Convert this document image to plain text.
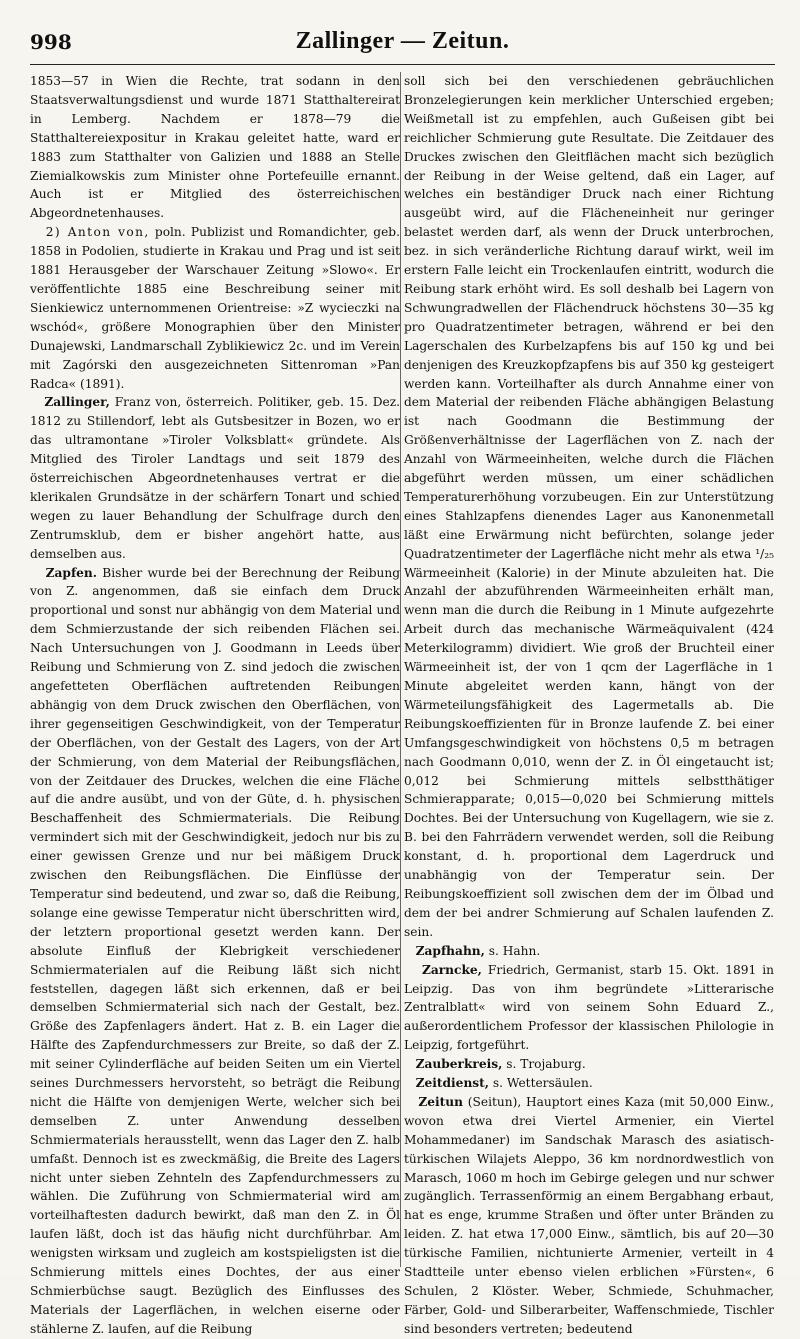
998	Zallinger — Zeitun.

1853—57 in Wien die Rechte, trat sodann in den Staatsverwaltungsdienst und wurde 1871 Statthaltereirat in Lemberg. Nachdem er 1878—79 die Statthaltereiexpositur in Krakau geleitet hatte, ward er 1883 zum Statthalter von Galizien und 1888 an Stelle Ziemialkowskis zum Minister ohne Portefeuille ernannt. Auch ist er Mitglied des österreichischen Abgeordnetenhauses.

2) Anton von, poln. Publizist und Romandichter, geb. 1858 in Podolien, studierte in Krakau und Prag und ist seit 1881 Herausgeber der Warschauer Zeitung »Slowo«. Er veröffentlichte 1885 eine Beschreibung seiner mit Sienkiewicz unternommenen Orientreise: »Z wycieczki na wschód«, größere Monographien über den Minister Dunajewski, Landmarschall Zyblikiewicz 2c. und im Verein mit Zagórski den ausgezeichneten Sittenroman »Pan Radca« (1891).

Zallinger, Franz von, österreich. Politiker, geb. 15. Dez. 1812 zu Stillendorf, lebt als Gutsbesitzer in Bozen, wo er das ultramontane »Tiroler Volksblatt« gründete. Als Mitglied des Tiroler Landtags und seit 1879 des österreichischen Abgeordnetenhauses vertrat er die klerikalen Grundsätze in der schärfern Tonart und schied wegen zu lauer Behandlung der Schulfrage durch den Zentrumsklub, dem er bisher angehört hatte, aus demselben aus.

Zapfen. Bisher wurde bei der Berechnung der Reibung von Z. angenommen, daß sie einfach dem Druck proportional und sonst nur abhängig von dem Material und dem Schmierzustande der sich reibenden Flächen sei. Nach Untersuchungen von J. Goodmann in Leeds über Reibung und Schmierung von Z. sind jedoch die zwischen angefetteten Oberflächen auftretenden Reibungen abhängig von dem Druck zwischen den Oberflächen, von ihrer gegenseitigen Geschwindigkeit, von der Temperatur der Oberflächen, von der Gestalt des Lagers, von der Art der Schmierung, von dem Material der Reibungsflächen, von der Zeitdauer des Druckes, welchen die eine Fläche auf die andre ausübt, und von der Güte, d. h. physischen Beschaffenheit des Schmiermaterials. Die Reibung vermindert sich mit der Geschwindigkeit, jedoch nur bis zu einer gewissen Grenze und nur bei mäßigem Druck zwischen den Reibungsflächen. Die Einflüsse der Temperatur sind bedeutend, und zwar so, daß die Reibung, solange eine gewisse Temperatur nicht überschritten wird, der letztern proportional gesetzt werden kann. Der absolute Einfluß der Klebrigkeit verschiedener Schmiermaterialen auf die Reibung läßt sich nicht feststellen, dagegen läßt sich erkennen, daß er bei demselben Schmiermaterial sich nach der Gestalt, bez. Größe des Zapfenlagers ändert. Hat z. B. ein Lager die Hälfte des Zapfendurchmessers zur Breite, so daß der Z. mit seiner Cylinderfläche auf beiden Seiten um ein Viertel seines Durchmessers hervorsteht, so beträgt die Reibung nicht die Hälfte von demjenigen Werte, welcher sich bei demselben Z. unter Anwendung desselben Schmiermaterials herausstellt, wenn das Lager den Z. halb umfaßt. Dennoch ist es zweckmäßig, die Breite des Lagers nicht unter sieben Zehnteln des Zapfendurchmessers zu wählen. Die Zuführung von Schmiermaterial wird am vorteilhaftesten dadurch bewirkt, daß man den Z. in Öl laufen läßt, doch ist das häufig nicht durchführbar. Am wenigsten wirksam und zugleich am kostspieligsten ist die Schmierung mittels eines Dochtes, der aus einer Schmierbüchse saugt. Bezüglich des Einflusses des Materials der Lagerflächen, in welchen eiserne oder stählerne Z. laufen, auf die Reibung

soll sich bei den verschiedenen gebräuchlichen Bronzelegierungen kein merklicher Unterschied ergeben; Weißmetall ist zu empfehlen, auch Gußeisen gibt bei reichlicher Schmierung gute Resultate. Die Zeitdauer des Druckes zwischen den Gleitflächen macht sich bezüglich der Reibung in der Weise geltend, daß ein Lager, auf welches ein beständiger Druck nach einer Richtung ausgeübt wird, auf die Flächeneinheit nur geringer belastet werden darf, als wenn der Druck unterbrochen, bez. in sich veränderliche Richtung darauf wirkt, weil im erstern Falle leicht ein Trockenlaufen eintritt, wodurch die Reibung stark erhöht wird. Es soll deshalb bei Lagern von Schwungradwellen der Flächendruck höchstens 30—35 kg pro Quadratzentimeter betragen, während er bei den Lagerschalen des Kurbelzapfens bis auf 150 kg und bei denjenigen des Kreuzkopfzapfens bis auf 350 kg gesteigert werden kann. Vorteilhafter als durch Annahme einer von dem Material der reibenden Fläche abhängigen Belastung ist nach Goodmann die Bestimmung der Größenverhältnisse der Lagerflächen von Z. nach der Anzahl von Wärmeeinheiten, welche durch die Flächen abgeführt werden müssen, um einer schädlichen Temperaturerhöhung vorzubeugen. Ein zur Unterstützung eines Stahlzapfens dienendes Lager aus Kanonenmetall läßt eine Erwärmung nicht befürchten, solange jeder Quadratzentimeter der Lagerfläche nicht mehr als etwa ¹/₂₅ Wärmeeinheit (Kalorie) in der Minute abzuleiten hat. Die Anzahl der abzuführenden Wärmeeinheiten erhält man, wenn man die durch die Reibung in 1 Minute aufgezehrte Arbeit durch das mechanische Wärmeäquivalent (424 Meterkilogramm) dividiert. Wie groß der Bruchteil einer Wärmeeinheit ist, der von 1 qcm der Lagerfläche in 1 Minute abgeleitet werden kann, hängt von der Wärmeteilungsfähigkeit des Lagermetalls ab. Die Reibungskoeffizienten für in Bronze laufende Z. bei einer Umfangsgeschwindigkeit von höchstens 0,5 m betragen nach Goodmann 0,010, wenn der Z. in Öl eingetaucht ist; 0,012 bei Schmierung mittels selbstthätiger Schmierapparate; 0,015—0,020 bei Schmierung mittels Dochtes. Bei der Untersuchung von Kugellagern, wie sie z. B. bei den Fahrrädern verwendet werden, soll die Reibung konstant, d. h. proportional dem Lagerdruck und unabhängig von der Temperatur sein. Der Reibungskoeffizient soll zwischen dem der im Ölbad und dem der bei andrer Schmierung auf Schalen laufenden Z. sein.

Zapfhahn, s. Hahn.

Zarncke, Friedrich, Germanist, starb 15. Okt. 1891 in Leipzig. Das von ihm begründete »Litterarische Zentralblatt« wird von seinem Sohn Eduard Z., außerordentlichem Professor der klassischen Philologie in Leipzig, fortgeführt.

Zauberkreis, s. Trojaburg.

Zeitdienst, s. Wettersäulen.

Zeitun (Seitun), Hauptort eines Kaza (mit 50,000 Einw., wovon etwa drei Viertel Armenier, ein Viertel Mohammedaner) im Sandschak Marasch des asiatisch-türkischen Wilajets Aleppo, 36 km nordnordwestlich von Marasch, 1060 m hoch im Gebirge gelegen und nur schwer zugänglich. Terrassenförmig an einem Bergabhang erbaut, hat es enge, krumme Straßen und öfter unter Bränden zu leiden. Z. hat etwa 17,000 Einw., sämtlich, bis auf 20—30 türkische Familien, nichtunierte Armenier, verteilt in 4 Stadtteile unter ebenso vielen erblichen »Fürsten«, 6 Schulen, 2 Klöster. Weber, Schmiede, Schuhmacher, Färber, Gold- und Silberarbeiter, Waffenschmiede, Tischler sind besonders vertreten; bedeutend
